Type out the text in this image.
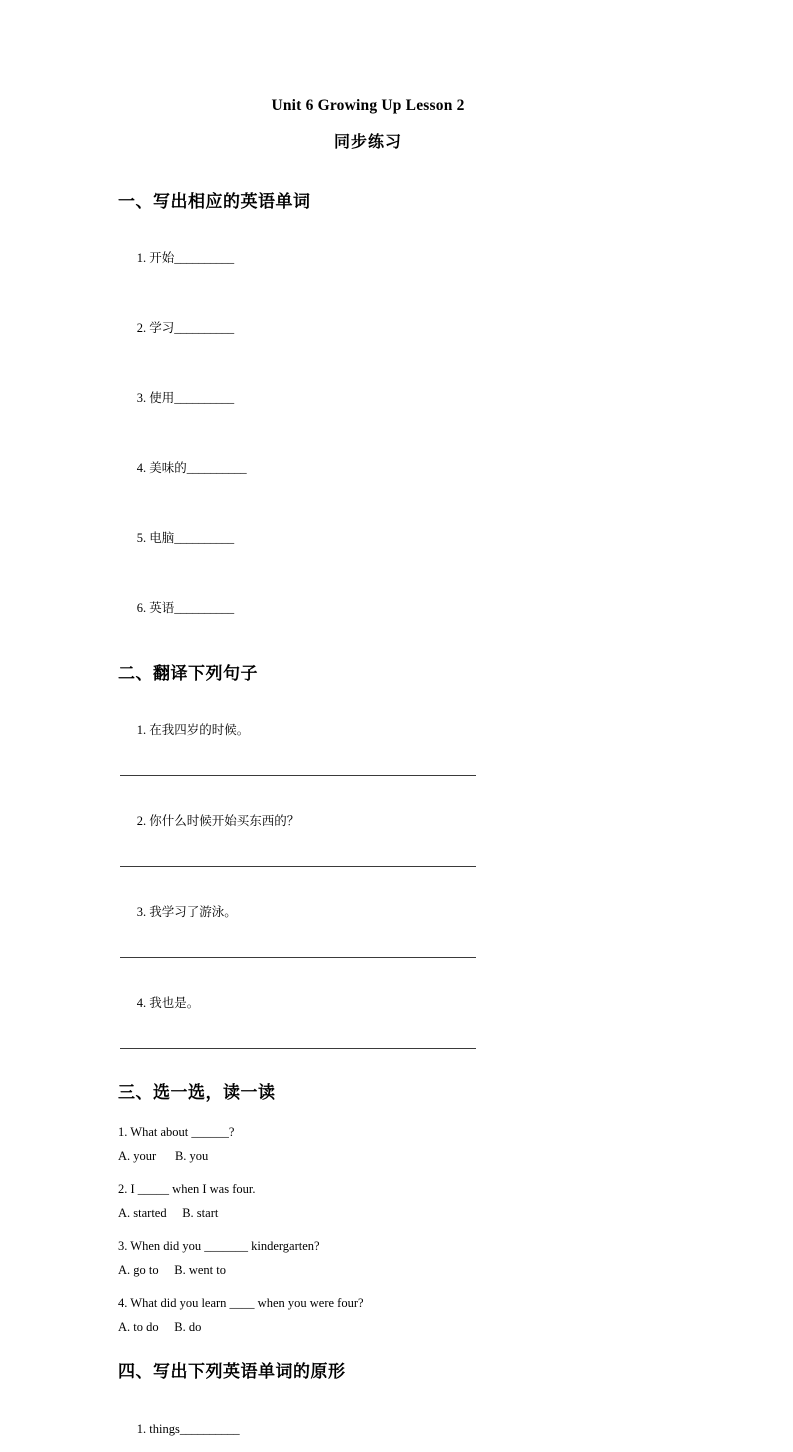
Unit 6 Growing Up Lesson 2
同步练习
一、写出相应的英语单词

1. 开始__________

2. 学习__________

3. 使用__________

4. 美味的__________

5. 电脑__________

6. 英语__________

二、翻译下列句子

1. 在我四岁的时候。

2. 你什么时候开始买东西的？

3. 我学习了游泳。

4. 我也是。

三、选一选，读一读
1. What about ______?
A. your      B. you
2. I _____ when I was four.
A. started     B. start
3. When did you _______ kindergarten?
A. go to     B. went to
4. What did you learn ____ when you were four?
A. to do     B. do
四、写出下列英语单词的原形

1. things__________
